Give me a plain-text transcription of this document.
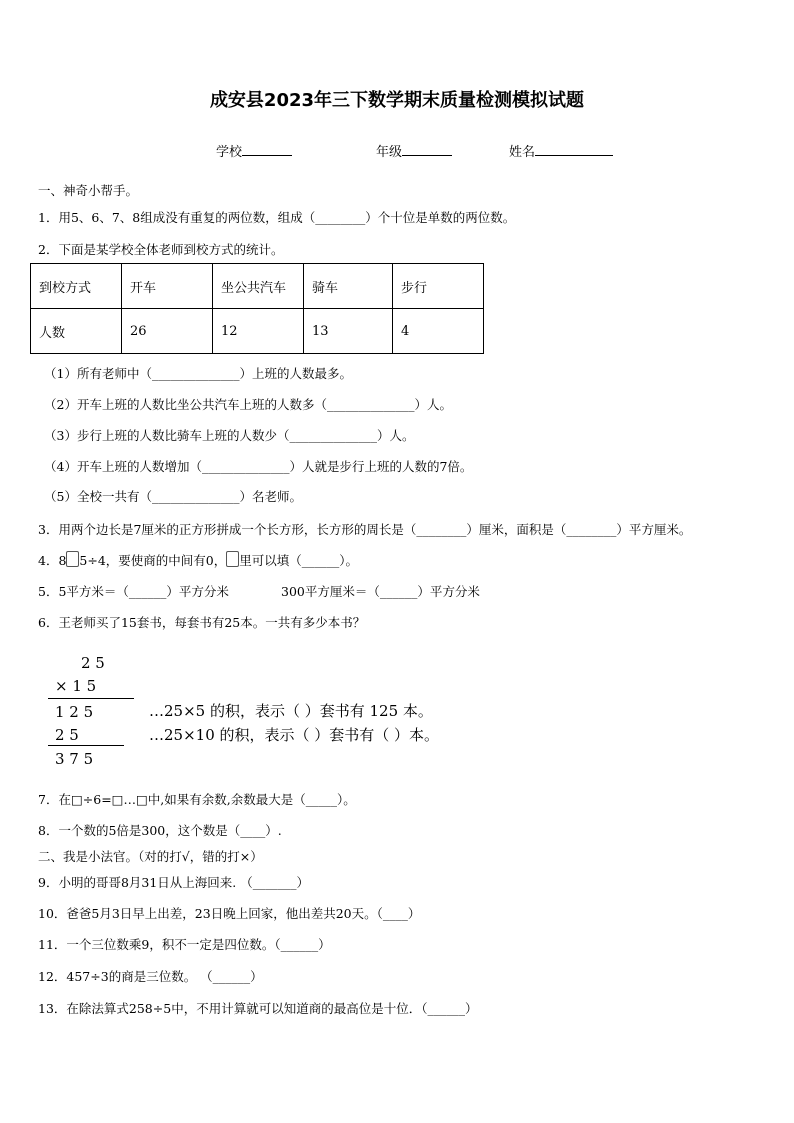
成安县2023年三下数学期末质量检测模拟试题
学校	年级	姓名
一、神奇小帮手。
1．用5、6、7、8组成没有重复的两位数，组成（________）个十位是单数的两位数。
2．下面是某学校全体老师到校方式的统计。
到校方式	开车	坐公共汽车	骑车	步行
人数	26	12	13	4
（1）所有老师中（______________）上班的人数最多。
（2）开车上班的人数比坐公共汽车上班的人数多（______________）人。
（3）步行上班的人数比骑车上班的人数少（______________）人。
（4）开车上班的人数增加（______________）人就是步行上班的人数的7倍。
（5）全校一共有（______________）名老师。
3．用两个边长是7厘米的正方形拼成一个长方形，长方形的周长是（________）厘米，面积是（________）平方厘米。
4．8 5÷4，要使商的中间有0， 里可以填（______）。
5．5平方米＝（______）平方分米	300平方厘米＝（______）平方分米
6．王老师买了15套书，每套书有25本。一共有多少本书？
2 5
× 1 5
1 2 5
2 5
3 7 5
…25×5 的积，表示（ ）套书有 125 本。
…25×10 的积，表示（ ）套书有（ ）本。
7．在□÷6=□…□中,如果有余数,余数最大是（_____）。
8．一个数的5倍是300，这个数是（____）.
二、我是小法官。（对的打√，错的打×）
9．小明的哥哥8月31日从上海回来. （_______）
10．爸爸5月3日早上出差，23日晚上回家，他出差共20天。（____）
11．一个三位数乘9，积不一定是四位数。（______）
12．457÷3的商是三位数。 （______）
13．在除法算式258÷5中，不用计算就可以知道商的最高位是十位．（______）
